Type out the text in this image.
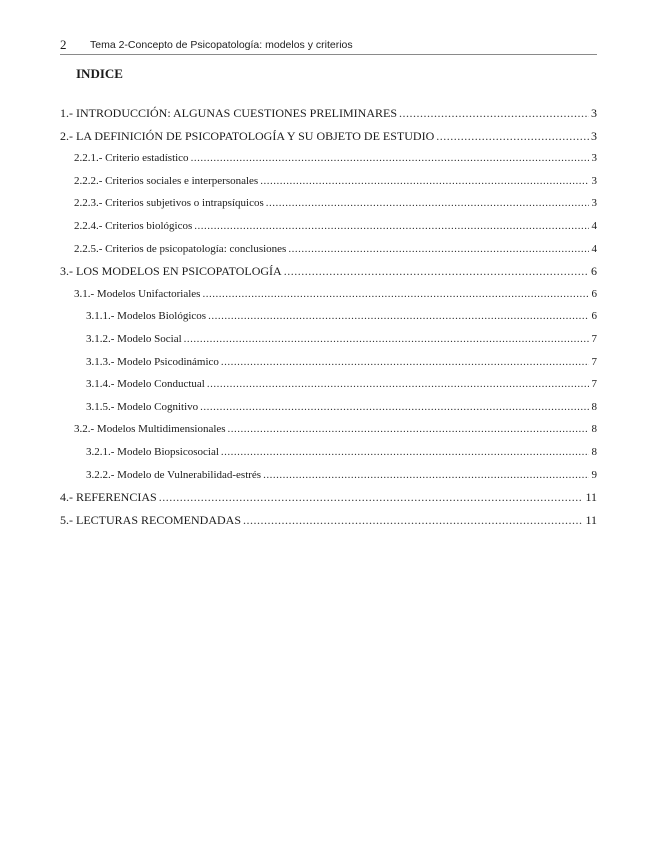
2 Tema 2-Concepto de Psicopatología: modelos y criterios
INDICE
1.- INTRODUCCIÓN: ALGUNAS CUESTIONES PRELIMINARES .....	3
2.- LA DEFINICIÓN DE PSICOPATOLOGÍA Y SU OBJETO DE ESTUDIO .....	3
2.2.1.- Criterio estadístico .....	3
2.2.2.- Criterios sociales e interpersonales .....	3
2.2.3.- Criterios subjetivos o intrapsíquicos .....	3
2.2.4.- Criterios biológicos .....	4
2.2.5.- Criterios de psicopatología: conclusiones .....	4
3.- LOS MODELOS EN PSICOPATOLOGÍA .....	6
3.1.- Modelos Unifactoriales .....	6
3.1.1.- Modelos Biológicos .....	6
3.1.2.- Modelo Social .....	7
3.1.3.- Modelo Psicodinámico .....	7
3.1.4.- Modelo Conductual .....	7
3.1.5.- Modelo Cognitivo .....	8
3.2.- Modelos Multidimensionales .....	8
3.2.1.- Modelo Biopsicosocial .....	8
3.2.2.- Modelo de Vulnerabilidad-estrés .....	9
4.- REFERENCIAS .....	11
5.- LECTURAS RECOMENDADAS .....	11
